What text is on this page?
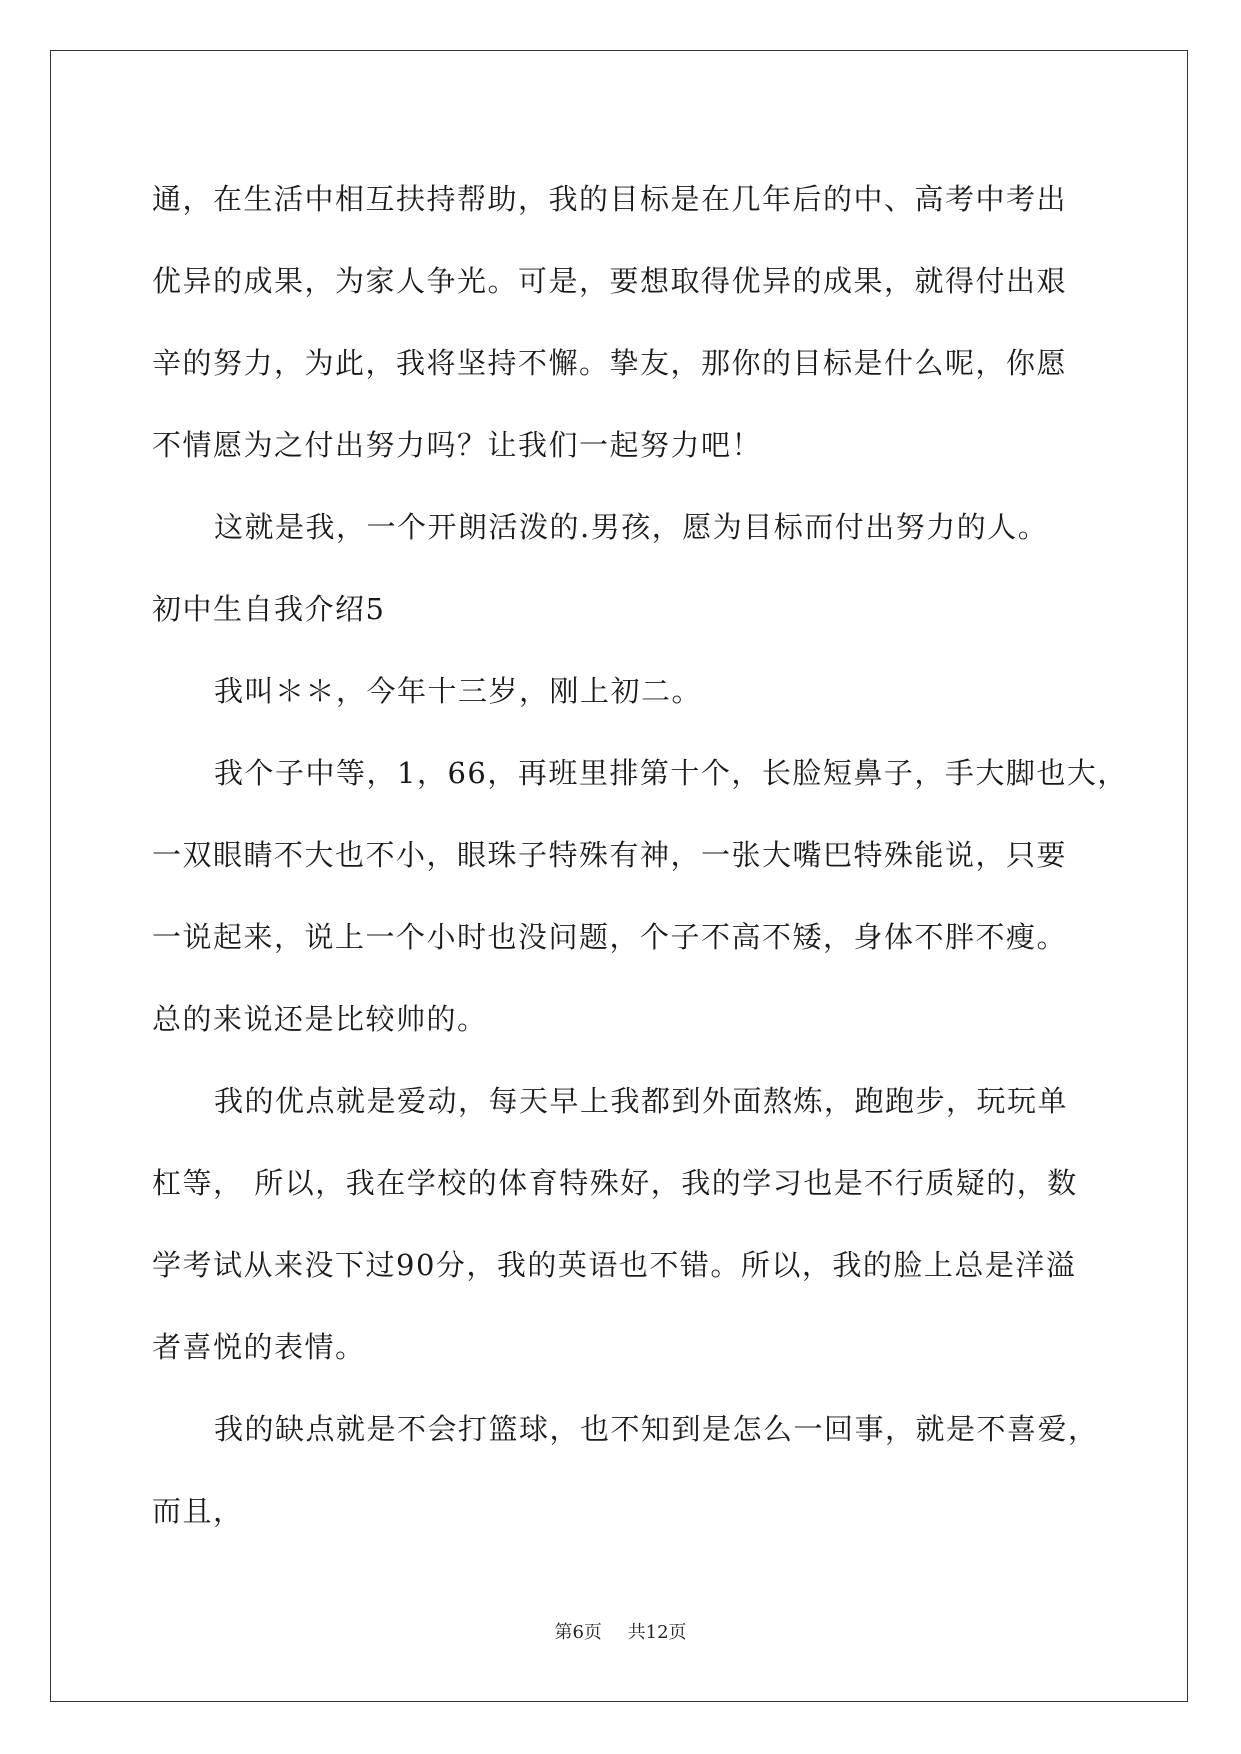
通，在生活中相互扶持帮助，我的目标是在几年后的中、高考中考出
优异的成果，为家人争光。可是，要想取得优异的成果，就得付出艰
辛的努力，为此，我将坚持不懈。挚友，那你的目标是什么呢，你愿
不情愿为之付出努力吗？让我们一起努力吧！
这就是我，一个开朗活泼的.男孩，愿为目标而付出努力的人。
初中生自我介绍5
我叫＊＊，今年十三岁，刚上初二。
我个子中等，1，66，再班里排第十个，长脸短鼻子，手大脚也大，
一双眼睛不大也不小，眼珠子特殊有神，一张大嘴巴特殊能说，只要
一说起来，说上一个小时也没问题，个子不高不矮，身体不胖不瘦。
总的来说还是比较帅的。
我的优点就是爱动，每天早上我都到外面熬炼，跑跑步，玩玩单
杠等， 所以，我在学校的体育特殊好，我的学习也是不行质疑的，数
学考试从来没下过90分，我的英语也不错。所以，我的脸上总是洋溢
者喜悦的表情。
我的缺点就是不会打篮球，也不知到是怎么一回事，就是不喜爱，
而且，
第6页 共12页
